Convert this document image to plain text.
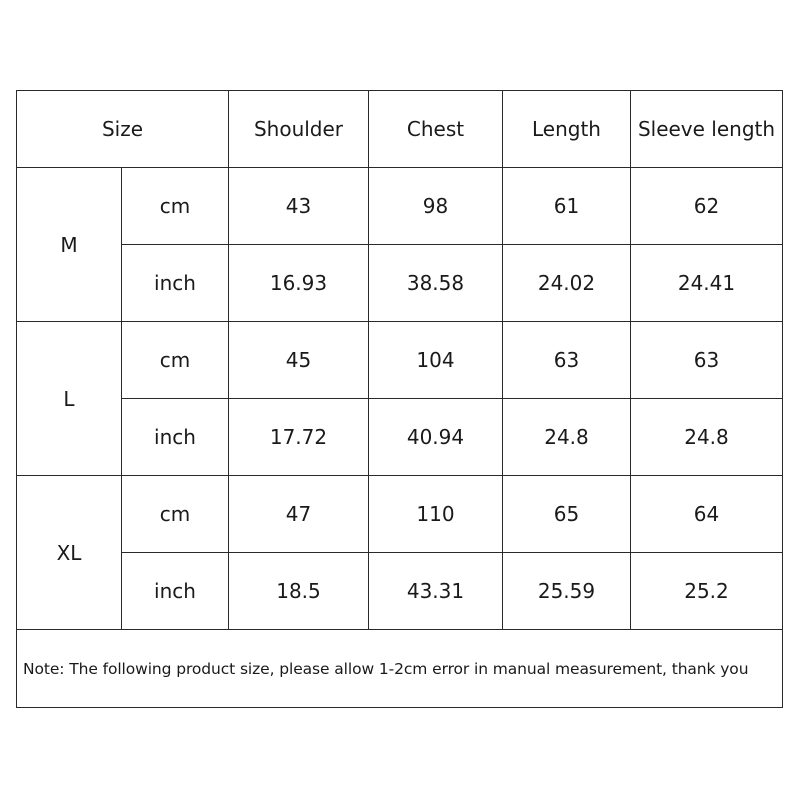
Size		Shoulder	Chest	Length	Sleeve length
M	cm	43	98	61	62
	inch	16.93	38.58	24.02	24.41
L	cm	45	104	63	63
	inch	17.72	40.94	24.8	24.8
XL	cm	47	110	65	64
	inch	18.5	43.31	25.59	25.2
Note: The following product size, please allow 1-2cm error in manual measurement, thank you					
